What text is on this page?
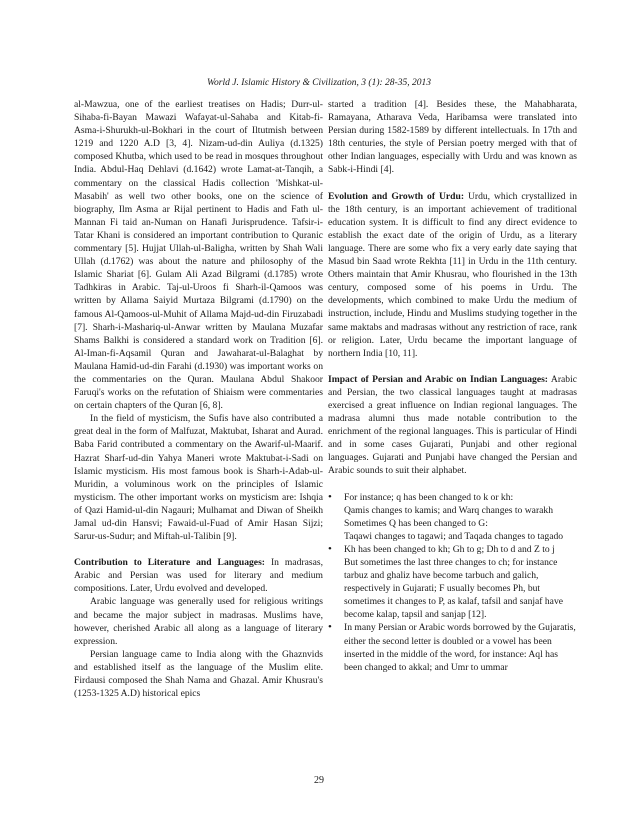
World J. Islamic History & Civilization, 3 (1): 28-35, 2013

al-Mawzua, one of the earliest treatises on Hadis; Durr-ul-Sihaba-fi-Bayan Mawazi Wafayat-ul-Sahaba and Kitab-fi-Asma-i-Shurukh-ul-Bokhari in the court of Iltutmish between 1219 and 1220 A.D [3, 4]. Nizam-ud-din Auliya (d.1325) composed Khutba, which used to be read in mosques throughout India. Abdul-Haq Dehlavi (d.1642) wrote Lamat-at-Tanqih, a commentary on the classical Hadis collection 'Mishkat-ul-Masabih' as well two other books, one on the science of biography, Ilm Asma ar Rijal pertinent to Hadis and Fath ul-Mannan Fi taid an-Numan on Hanafi Jurisprudence. Tafsir-i-Tatar Khani is considered an important contribution to Quranic commentary [5]. Hujjat Ullah-ul-Baligha, written by Shah Wali Ullah (d.1762) was about the nature and philosophy of the Islamic Shariat [6]. Gulam Ali Azad Bilgrami (d.1785) wrote Tadhkiras in Arabic. Taj-ul-Uroos fi Sharh-il-Qamoos was written by Allama Saiyid Murtaza Bilgrami (d.1790) on the famous Al-Qamoos-ul-Muhit of Allama Majd-ud-din Firuzabadi [7]. Sharh-i-Mashariq-ul-Anwar written by Maulana Muzafar Shams Balkhi is considered a standard work on Tradition [6]. Al-Iman-fi-Aqsamil Quran and Jawaharat-ul-Balaghat by Maulana Hamid-ud-din Farahi (d.1930) was important works on the commentaries on the Quran. Maulana Abdul Shakoor Faruqi's works on the refutation of Shiaism were commentaries on certain chapters of the Quran [6, 8].

In the field of mysticism, the Sufis have also contributed a great deal in the form of Malfuzat, Maktubat, Isharat and Aurad. Baba Farid contributed a commentary on the Awarif-ul-Maarif. Hazrat Sharf-ud-din Yahya Maneri wrote Maktubat-i-Sadi on Islamic mysticism. His most famous book is Sharh-i-Adab-ul-Muridin, a voluminous work on the principles of Islamic mysticism. The other important works on mysticism are: Ishqia of Qazi Hamid-ul-din Nagauri; Mulhamat and Diwan of Sheikh Jamal ud-din Hansvi; Fawaid-ul-Fuad of Amir Hasan Sijzi; Sarur-us-Sudur; and Miftah-ul-Talibin [9].

Contribution to Literature and Languages: In madrasas, Arabic and Persian was used for literary and medium compositions. Later, Urdu evolved and developed.

Arabic language was generally used for religious writings and became the major subject in madrasas. Muslims have, however, cherished Arabic all along as a language of literary expression.

Persian language came to India along with the Ghaznvids and established itself as the language of the Muslim elite. Firdausi composed the Shah Nama and Ghazal. Amir Khusrau's (1253-1325 A.D) historical epics

started a tradition [4]. Besides these, the Mahabharata, Ramayana, Atharava Veda, Haribamsa were translated into Persian during 1582-1589 by different intellectuals. In 17th and 18th centuries, the style of Persian poetry merged with that of other Indian languages, especially with Urdu and was known as Sabk-i-Hindi [4].

Evolution and Growth of Urdu: Urdu, which crystallized in the 18th century, is an important achievement of traditional education system. It is difficult to find any direct evidence to establish the exact date of the origin of Urdu, as a literary language. There are some who fix a very early date saying that Masud bin Saad wrote Rekhta [11] in Urdu in the 11th century. Others maintain that Amir Khusrau, who flourished in the 13th century, composed some of his poems in Urdu. The developments, which combined to make Urdu the medium of instruction, include, Hindu and Muslims studying together in the same maktabs and madrasas without any restriction of race, rank or religion. Later, Urdu became the important language of northern India [10, 11].

Impact of Persian and Arabic on Indian Languages: Arabic and Persian, the two classical languages taught at madrasas exercised a great influence on Indian regional languages. The madrasa alumni thus made notable contribution to the enrichment of the regional languages. This is particular of Hindi and in some cases Gujarati, Punjabi and other regional languages. Gujarati and Punjabi have changed the Persian and Arabic sounds to suit their alphabet.

• For instance; q has been changed to k or kh:
Qamis changes to kamis; and Warq changes to warakh
Sometimes Q has been changed to G:
Taqawi changes to tagawi; and Taqada changes to tagado
• Kh has been changed to kh; Gh to g; Dh to d and Z to j
But sometimes the last three changes to ch; for instance tarbuz and ghaliz have become tarbuch and galich, respectively in Gujarati; F usually becomes Ph, but sometimes it changes to P, as kalaf, tafsil and sanjaf have become kalap, tapsil and sanjap [12].
• In many Persian or Arabic words borrowed by the Gujaratis, either the second letter is doubled or a vowel has been inserted in the middle of the word, for instance: Aql has been changed to akkal; and Umr to ummar
29
